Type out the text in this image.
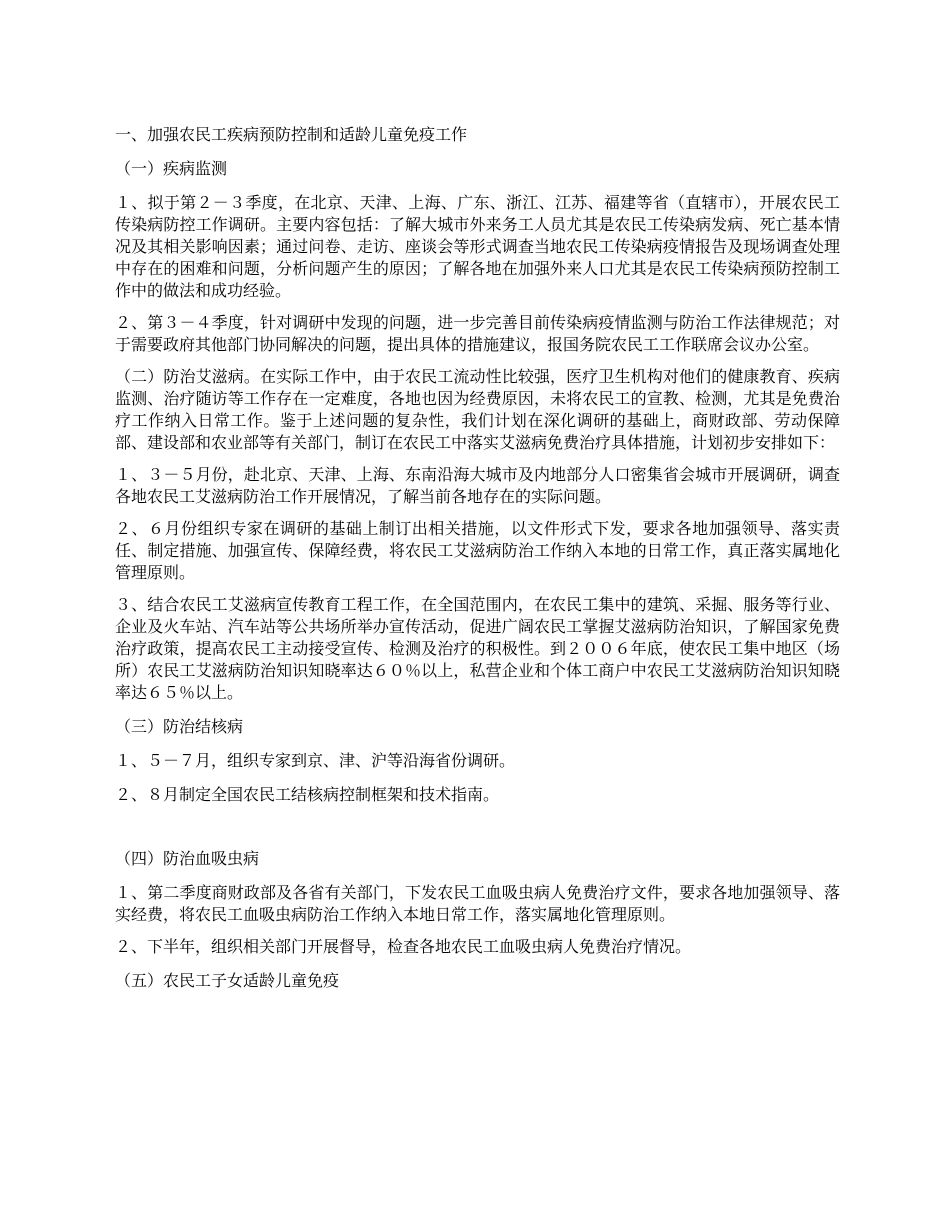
一、加强农民工疾病预防控制和适龄儿童免疫工作

（一）疾病监测

１、拟于第２－３季度，在北京、天津、上海、广东、浙江、江苏、福建等省（直辖市），开展农民工传染病防控工作调研。主要内容包括：了解大城市外来务工人员尤其是农民工传染病发病、死亡基本情况及其相关影响因素；通过问卷、走访、座谈会等形式调查当地农民工传染病疫情报告及现场调查处理中存在的困难和问题，分析问题产生的原因；了解各地在加强外来人口尤其是农民工传染病预防控制工作中的做法和成功经验。

２、第３－４季度，针对调研中发现的问题，进一步完善目前传染病疫情监测与防治工作法律规范；对于需要政府其他部门协同解决的问题，提出具体的措施建议，报国务院农民工工作联席会议办公室。

（二）防治艾滋病。在实际工作中，由于农民工流动性比较强，医疗卫生机构对他们的健康教育、疾病监测、治疗随访等工作存在一定难度，各地也因为经费原因，未将农民工的宣教、检测，尤其是免费治疗工作纳入日常工作。鉴于上述问题的复杂性，我们计划在深化调研的基础上，商财政部、劳动保障部、建设部和农业部等有关部门，制订在农民工中落实艾滋病免费治疗具体措施，计划初步安排如下：

１、３－５月份，赴北京、天津、上海、东南沿海大城市及内地部分人口密集省会城市开展调研，调查各地农民工艾滋病防治工作开展情况，了解当前各地存在的实际问题。

２、６月份组织专家在调研的基础上制订出相关措施，以文件形式下发，要求各地加强领导、落实责任、制定措施、加强宣传、保障经费，将农民工艾滋病防治工作纳入本地的日常工作，真正落实属地化管理原则。

３、结合农民工艾滋病宣传教育工程工作，在全国范围内，在农民工集中的建筑、采掘、服务等行业、企业及火车站、汽车站等公共场所举办宣传活动，促进广阔农民工掌握艾滋病防治知识，了解国家免费治疗政策，提高农民工主动接受宣传、检测及治疗的积极性。到２００６年底，使农民工集中地区（场所）农民工艾滋病防治知识知晓率达６０％以上，私营企业和个体工商户中农民工艾滋病防治知识知晓率达６５％以上。

（三）防治结核病

１、５－７月，组织专家到京、津、沪等沿海省份调研。

２、８月制定全国农民工结核病控制框架和技术指南。

（四）防治血吸虫病

１、第二季度商财政部及各省有关部门，下发农民工血吸虫病人免费治疗文件，要求各地加强领导、落实经费，将农民工血吸虫病防治工作纳入本地日常工作，落实属地化管理原则。

２、下半年，组织相关部门开展督导，检查各地农民工血吸虫病人免费治疗情况。

（五）农民工子女适龄儿童免疫
